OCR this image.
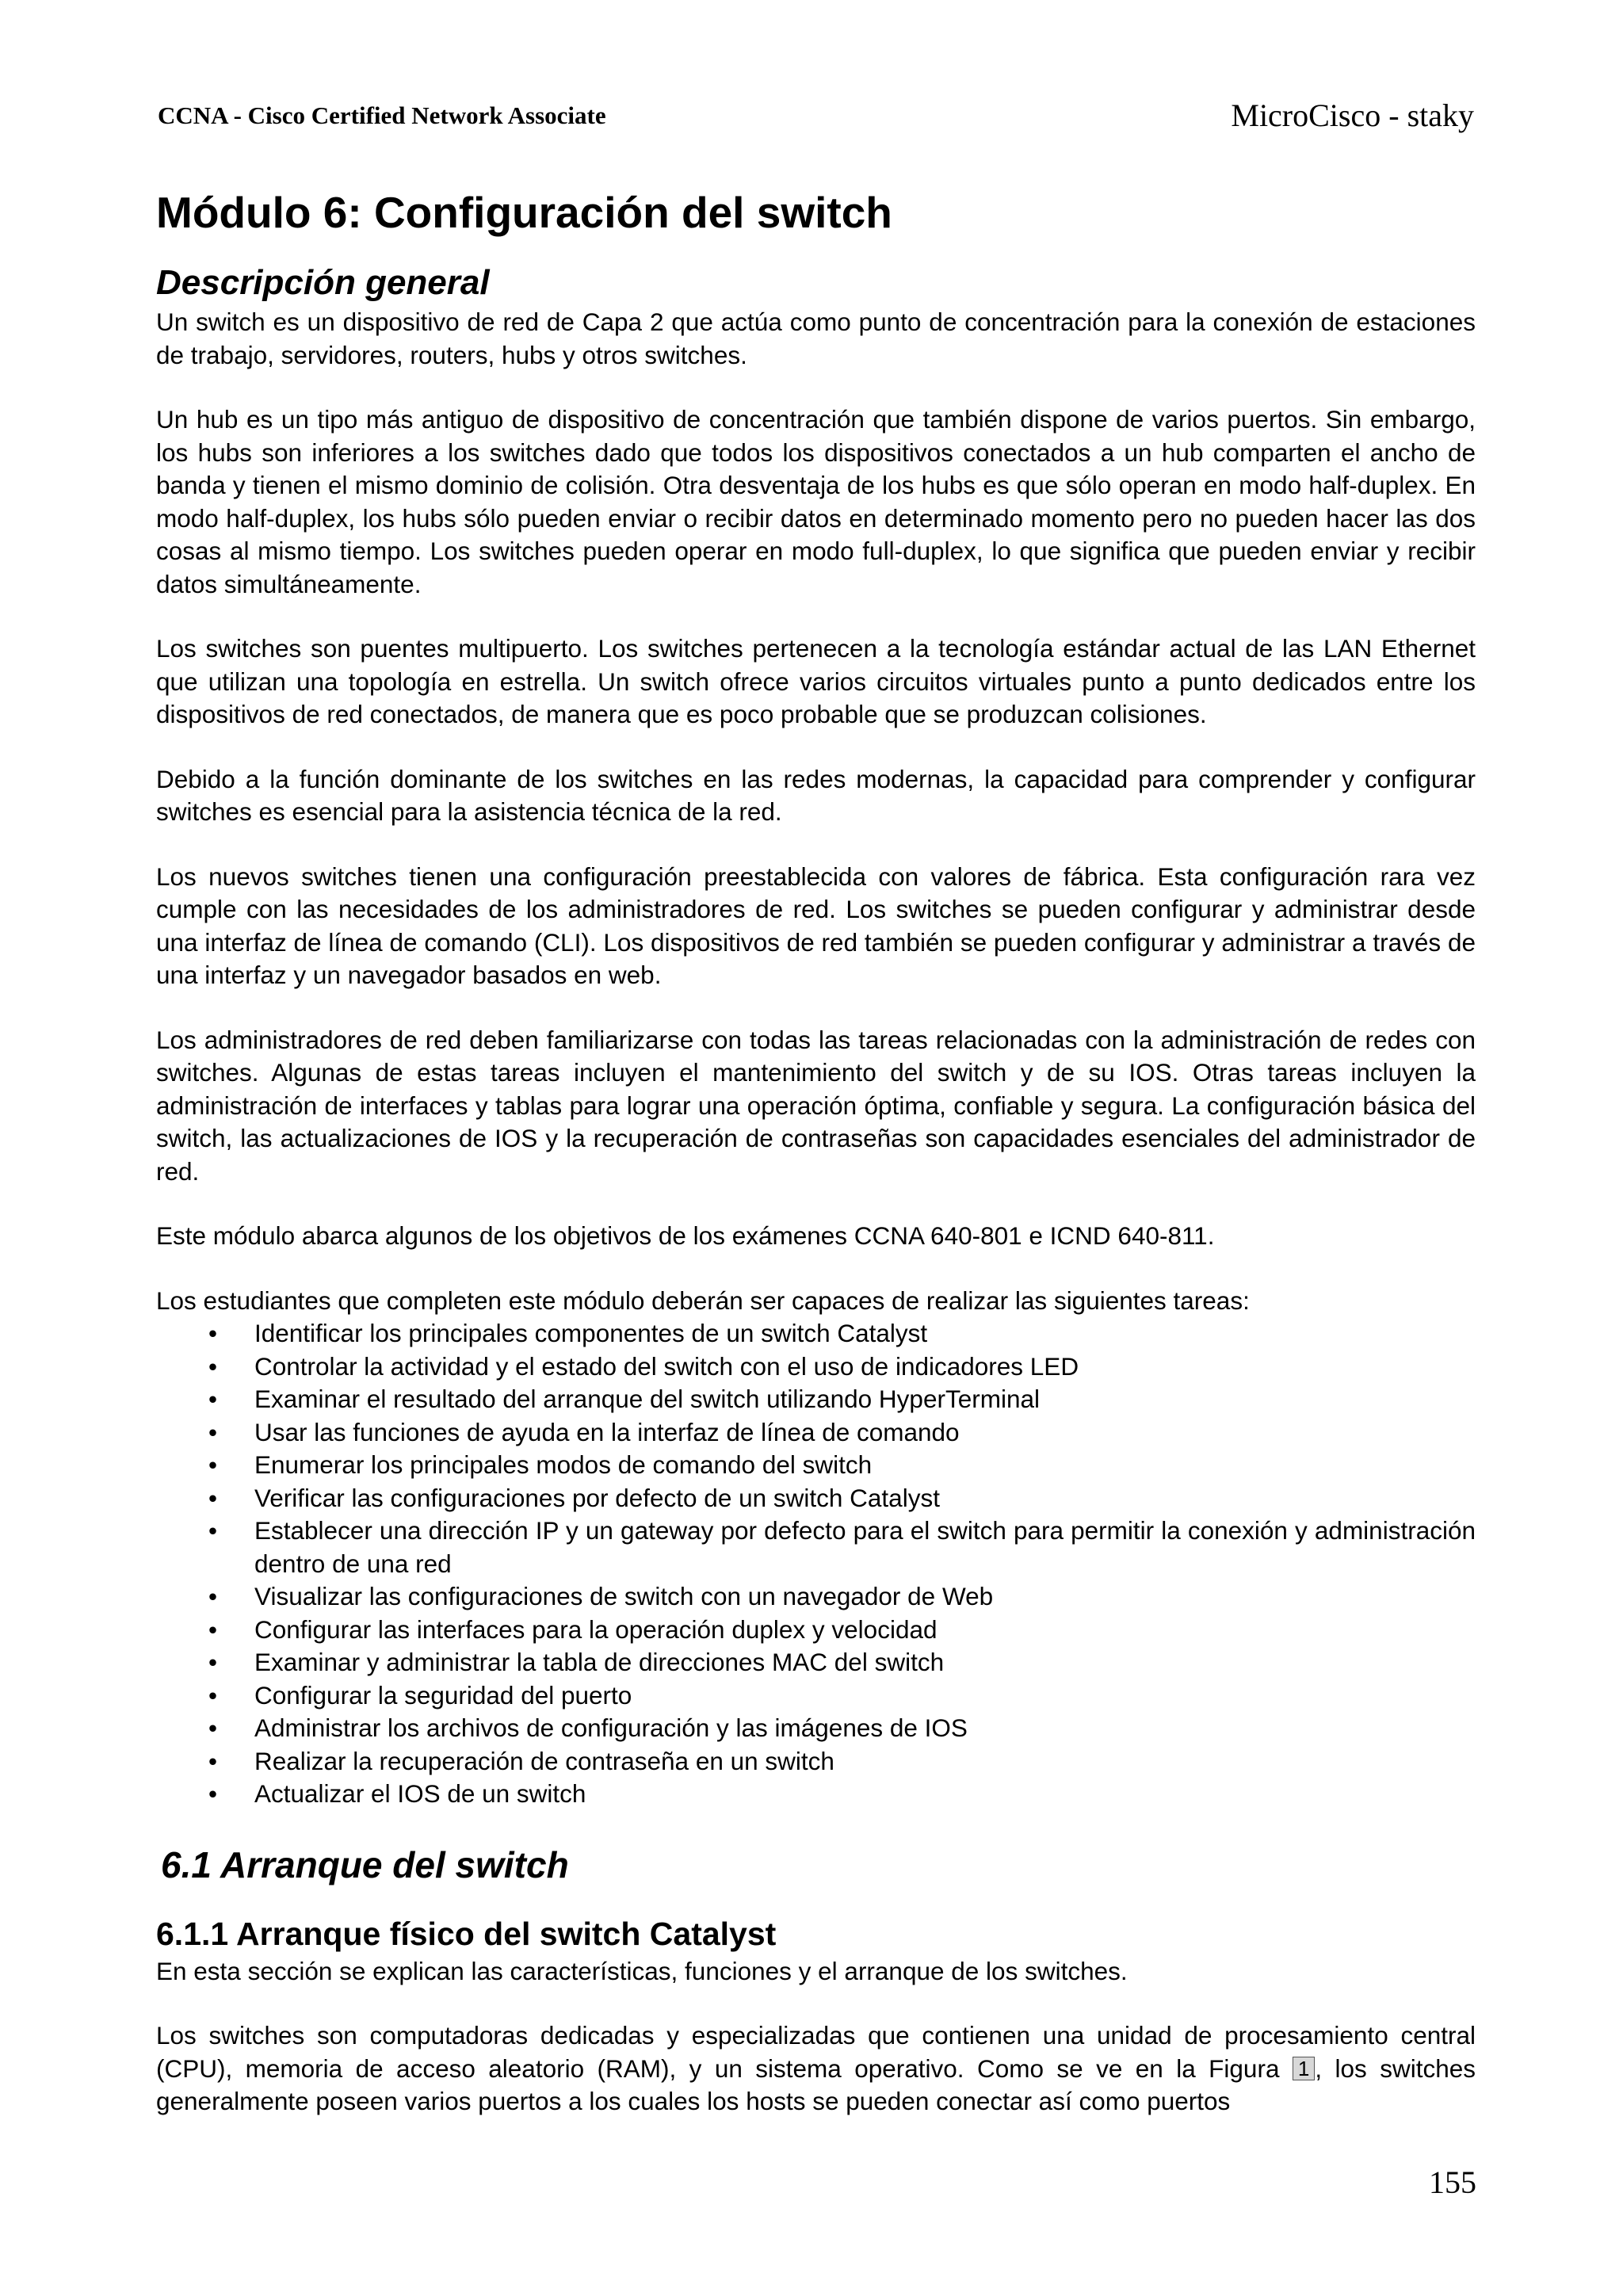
CCNA - Cisco Certified Network Associate	MicroCisco - staky
Módulo 6: Configuración del switch
Descripción general

Un switch es un dispositivo de red de Capa 2 que actúa como punto de concentración para la conexión de estaciones de trabajo, servidores, routers, hubs y otros switches.

Un hub es un tipo más antiguo de dispositivo de concentración que también dispone de varios puertos. Sin embargo, los hubs son inferiores a los switches dado que todos los dispositivos conectados a un hub comparten el ancho de banda y tienen el mismo dominio de colisión. Otra desventaja de los hubs es que sólo operan en modo half-duplex. En modo half-duplex, los hubs sólo pueden enviar o recibir datos en determinado momento pero no pueden hacer las dos cosas al mismo tiempo. Los switches pueden operar en modo full-duplex, lo que significa que pueden enviar y recibir datos simultáneamente.

Los switches son puentes multipuerto. Los switches pertenecen a la tecnología estándar actual de las LAN Ethernet que utilizan una topología en estrella. Un switch ofrece varios circuitos virtuales punto a punto dedicados entre los dispositivos de red conectados, de manera que es poco probable que se produzcan colisiones.

Debido a la función dominante de los switches en las redes modernas, la capacidad para comprender y configurar switches es esencial para la asistencia técnica de la red.

Los nuevos switches tienen una configuración preestablecida con valores de fábrica. Esta configuración rara vez cumple con las necesidades de los administradores de red. Los switches se pueden configurar y administrar desde una interfaz de línea de comando (CLI). Los dispositivos de red también se pueden configurar y administrar a través de una interfaz y un navegador basados en web.

Los administradores de red deben familiarizarse con todas las tareas relacionadas con la administración de redes con switches. Algunas de estas tareas incluyen el mantenimiento del switch y de su IOS. Otras tareas incluyen la administración de interfaces y tablas para lograr una operación óptima, confiable y segura. La configuración básica del switch, las actualizaciones de IOS y la recuperación de contraseñas son capacidades esenciales del administrador de red.

Este módulo abarca algunos de los objetivos de los exámenes CCNA 640-801 e ICND 640-811.

Los estudiantes que completen este módulo deberán ser capaces de realizar las siguientes tareas:

• Identificar los principales componentes de un switch Catalyst
• Controlar la actividad y el estado del switch con el uso de indicadores LED
• Examinar el resultado del arranque del switch utilizando HyperTerminal
• Usar las funciones de ayuda en la interfaz de línea de comando
• Enumerar los principales modos de comando del switch
• Verificar las configuraciones por defecto de un switch Catalyst
• Establecer una dirección IP y un gateway por defecto para el switch para permitir la conexión y administración dentro de una red
• Visualizar las configuraciones de switch con un navegador de Web
• Configurar las interfaces para la operación duplex y velocidad
• Examinar y administrar la tabla de direcciones MAC del switch
• Configurar la seguridad del puerto
• Administrar los archivos de configuración y las imágenes de IOS
• Realizar la recuperación de contraseña en un switch
• Actualizar el IOS de un switch
6.1 Arranque del switch
6.1.1 Arranque físico del switch Catalyst

En esta sección se explican las características, funciones y el arranque de los switches.

Los switches son computadoras dedicadas y especializadas que contienen una unidad de procesamiento central (CPU), memoria de acceso aleatorio (RAM), y un sistema operativo. Como se ve en la Figura 1 , los switches generalmente poseen varios puertos a los cuales los hosts se pueden conectar así como puertos

155
